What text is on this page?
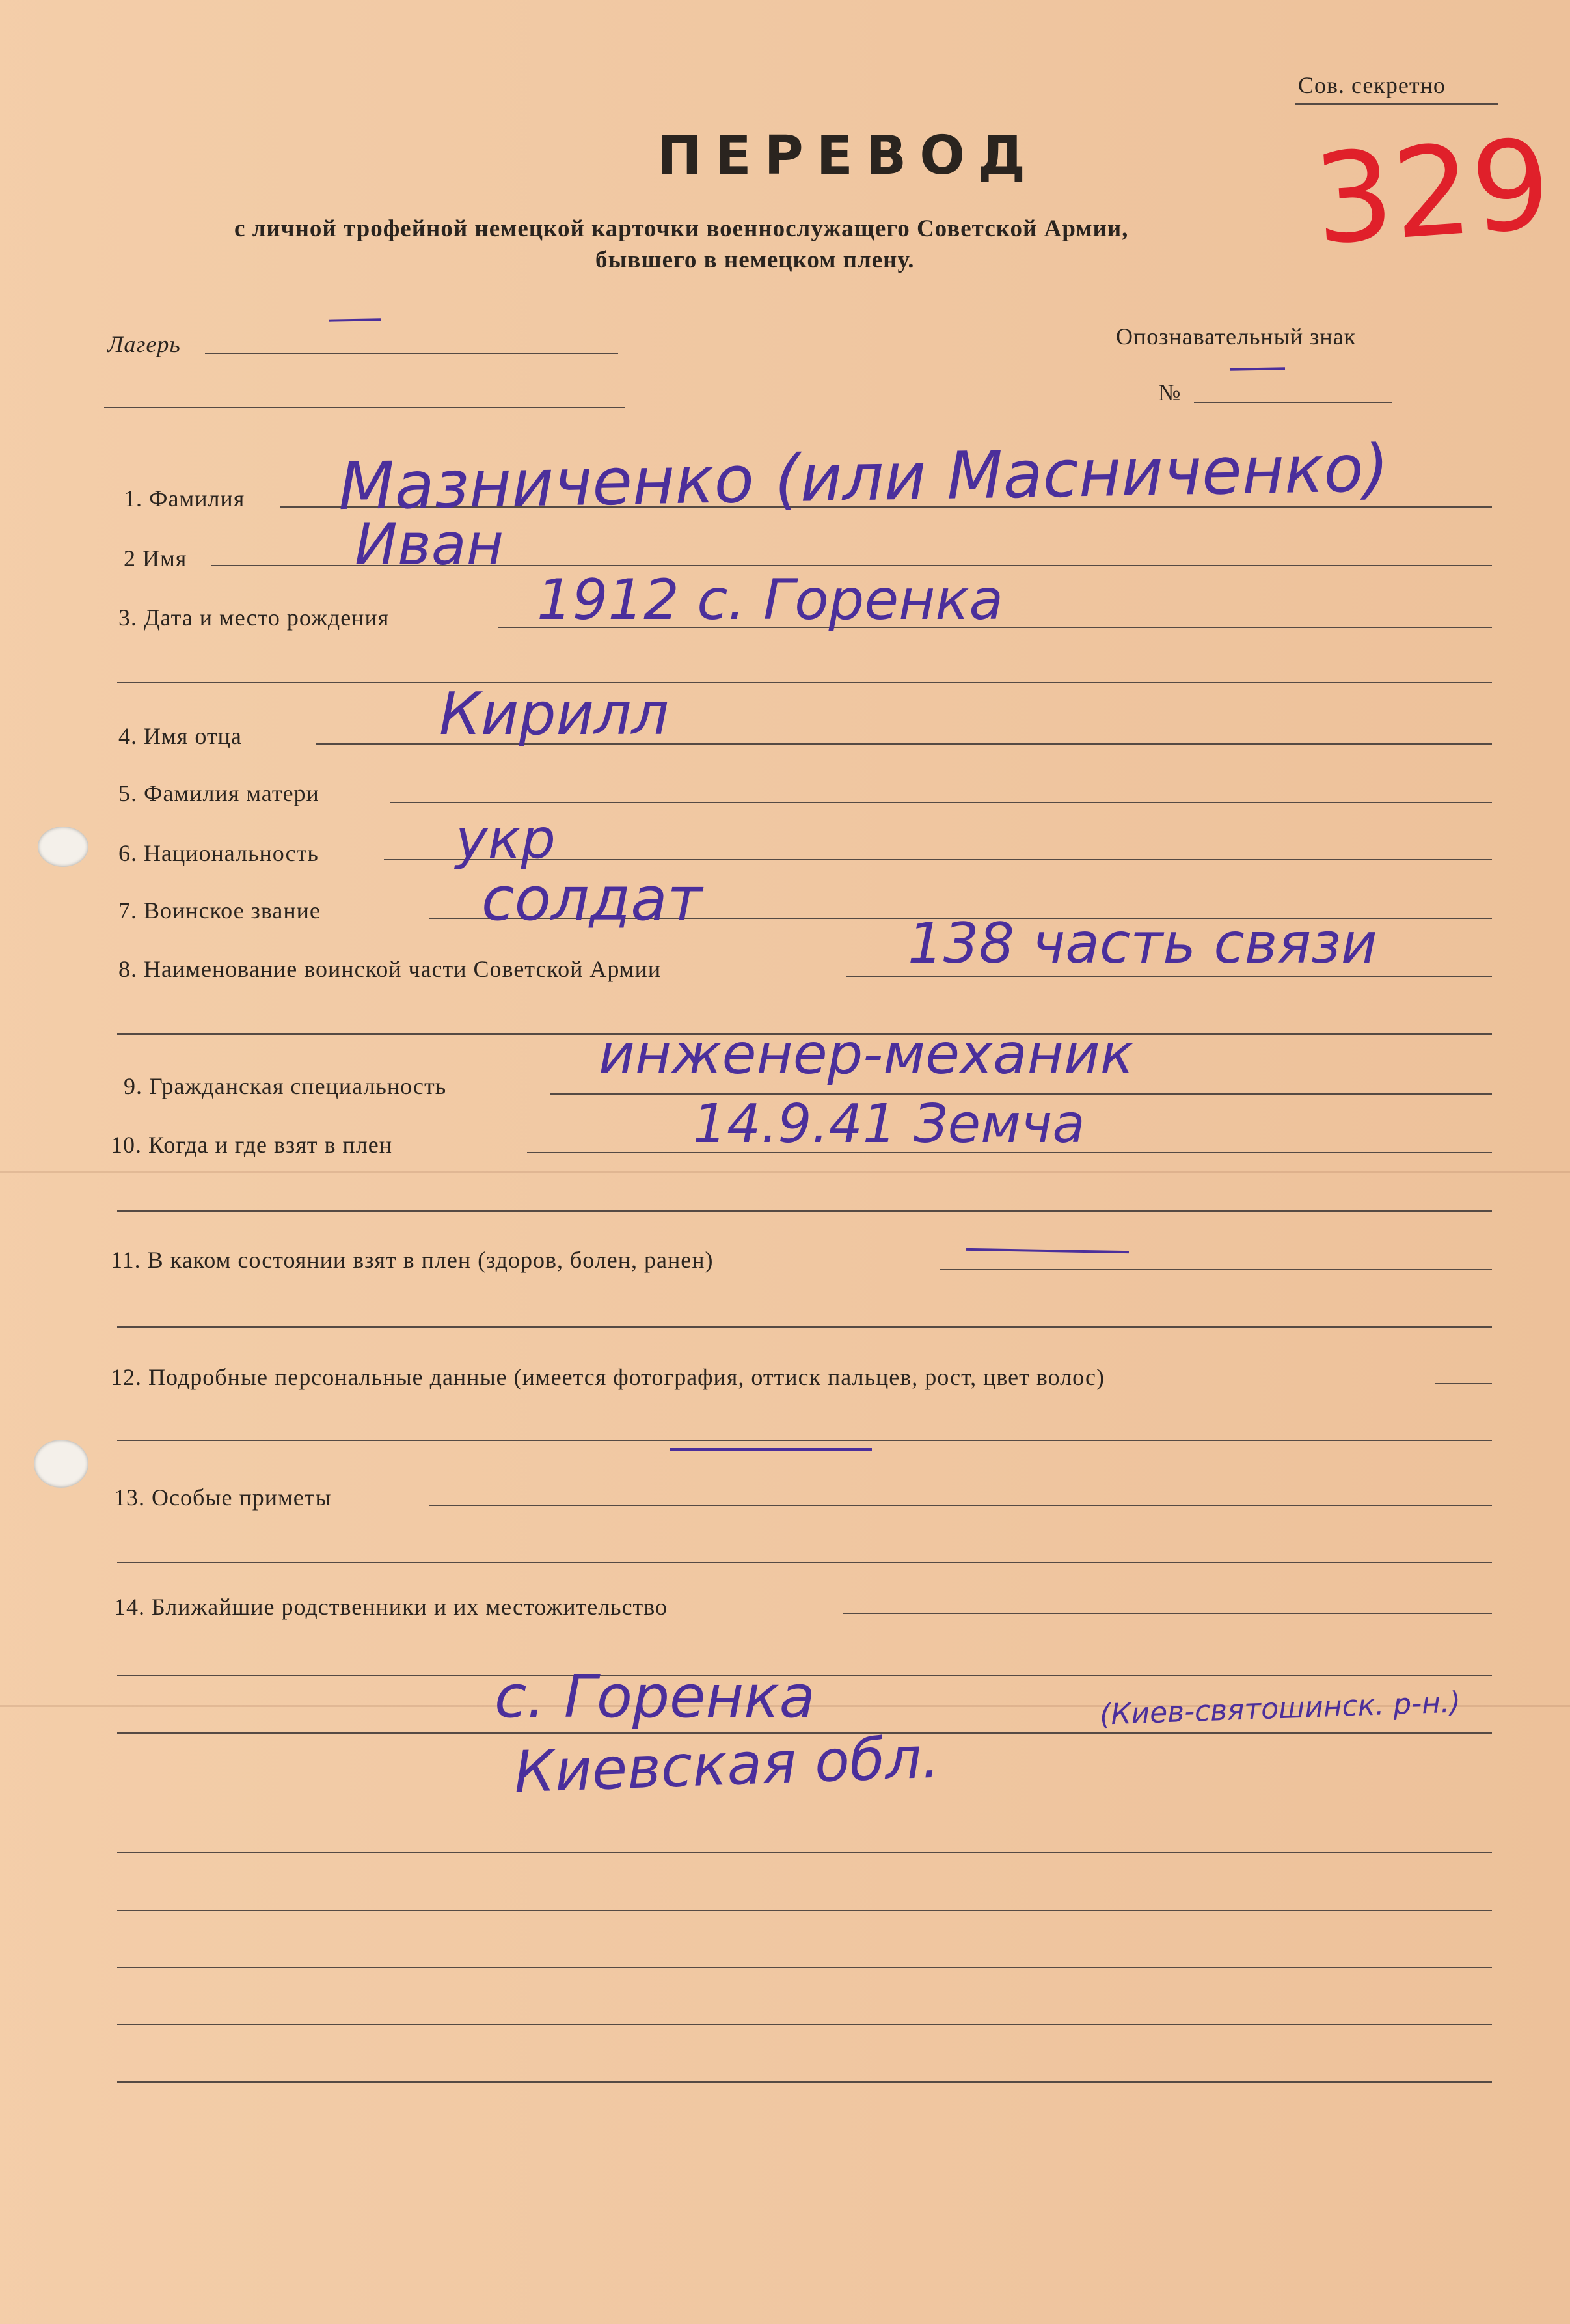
Сов. секретно
329
ПЕРЕВОД
с личной трофейной немецкой карточки военнослужащего Советской Армии,
бывшего в немецком плену.
Лагерь	Опознавательный знак
№
1. Фамилия Мазниченко (или Масниченко)
2 Имя	Иван
3. Дата и место рождения	1912 с. Горенка
4. Имя отца	Кирилл
5. Фамилия матери
6. Национальность	укр
7. Воинское звание	солдат
8. Наименование воинской части Советской Армии	138 часть связи
9. Гражданская специальность	инженер-механик
10. Когда и где взят в плен	14.9.41 Земча
11. В каком состоянии взят в плен (здоров, болен, ранен)
12. Подробные персональные данные (имеется фотография, оттиск пальцев, рост, цвет волос)
13. Особые приметы
14. Ближайшие родственники и их местожительство
с. Горенка	(Киев-святошинск. р-н.)
Киевская обл.
